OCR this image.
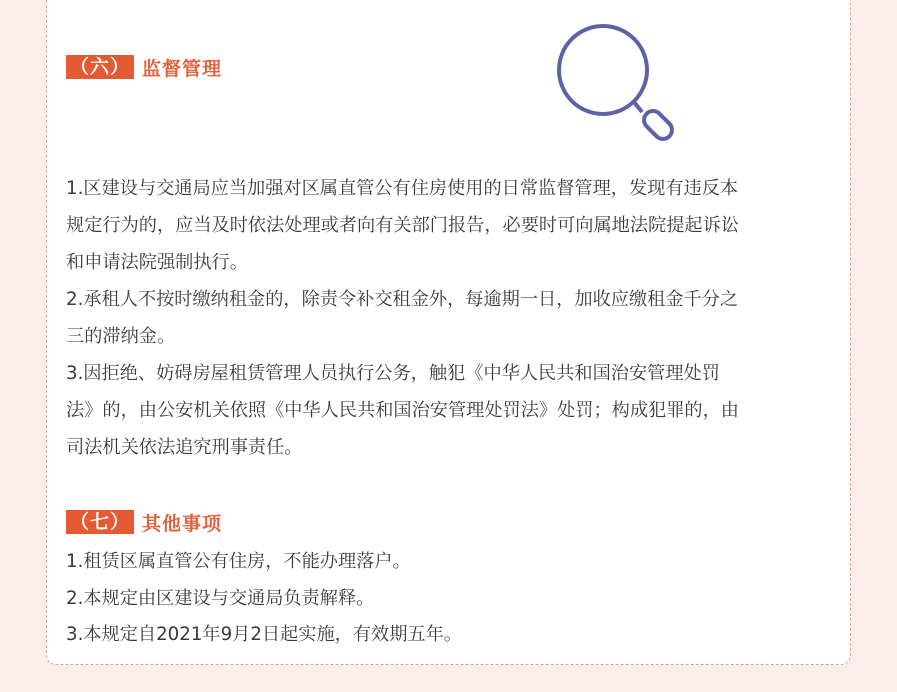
（六） 监督管理
1.区建设与交通局应当加强对区属直管公有住房使用的日常监督管理，发现有违反本
规定行为的，应当及时依法处理或者向有关部门报告，必要时可向属地法院提起诉讼
和申请法院强制执行。
2.承租人不按时缴纳租金的，除责令补交租金外，每逾期一日，加收应缴租金千分之
三的滞纳金。
3.因拒绝、妨碍房屋租赁管理人员执行公务，触犯《中华人民共和国治安管理处罚
法》的，由公安机关依照《中华人民共和国治安管理处罚法》处罚；构成犯罪的，由
司法机关依法追究刑事责任。
（七） 其他事项
1.租赁区属直管公有住房，不能办理落户。
2.本规定由区建设与交通局负责解释。
3.本规定自2021年9月2日起实施，有效期五年。
